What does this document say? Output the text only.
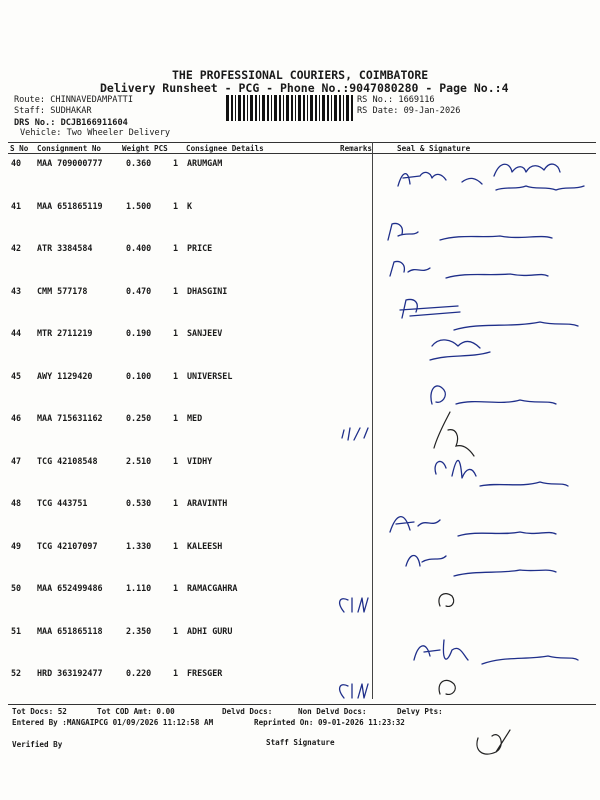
THE PROFESSIONAL COURIERS, COIMBATORE
Delivery Runsheet - PCG - Phone No.:9047080280 - Page No.:4
Route: CHINNAVEDAMPATTI
Staff: SUDHAKAR
DRS No.: DCJB166911604
Vehicle: Two Wheeler Delivery
RS No.: 1669116
RS Date: 09-Jan-2026
S No Consignment No	Weight PCS Consignee Details	Remarks	Seal & Signature
40 MAA 709000777	0.360	1 ARUMGAM
41 MAA 651865119	1.500	1 K
42 ATR 3384584	0.400	1 PRICE
43 CMM 577178	0.470	1 DHASGINI
44 MTR 2711219	0.190	1 SANJEEV
45 AWY 1129420	0.100	1 UNIVERSEL
46 MAA 715631162	0.250	1 MED
47 TCG 42108548	2.510	1 VIDHY
48 TCG 443751	0.530	1 ARAVINTH
49 TCG 42107097	1.330	1 KALEESH
50 MAA 652499486	1.110	1 RAMACGAHRA
51 MAA 651865118	2.350	1 ADHI GURU
52 HRD 363192477	0.220	1 FRESGER
Tot Docs: 52	Tot COD Amt: 0.00	Delvd Docs:	Non Delvd Docs:	Delvy Pts:
Entered By :MANGAIPCG 01/09/2026 11:12:58 AM	Reprinted On: 09-01-2026 11:23:32
Verified By	Staff Signature
